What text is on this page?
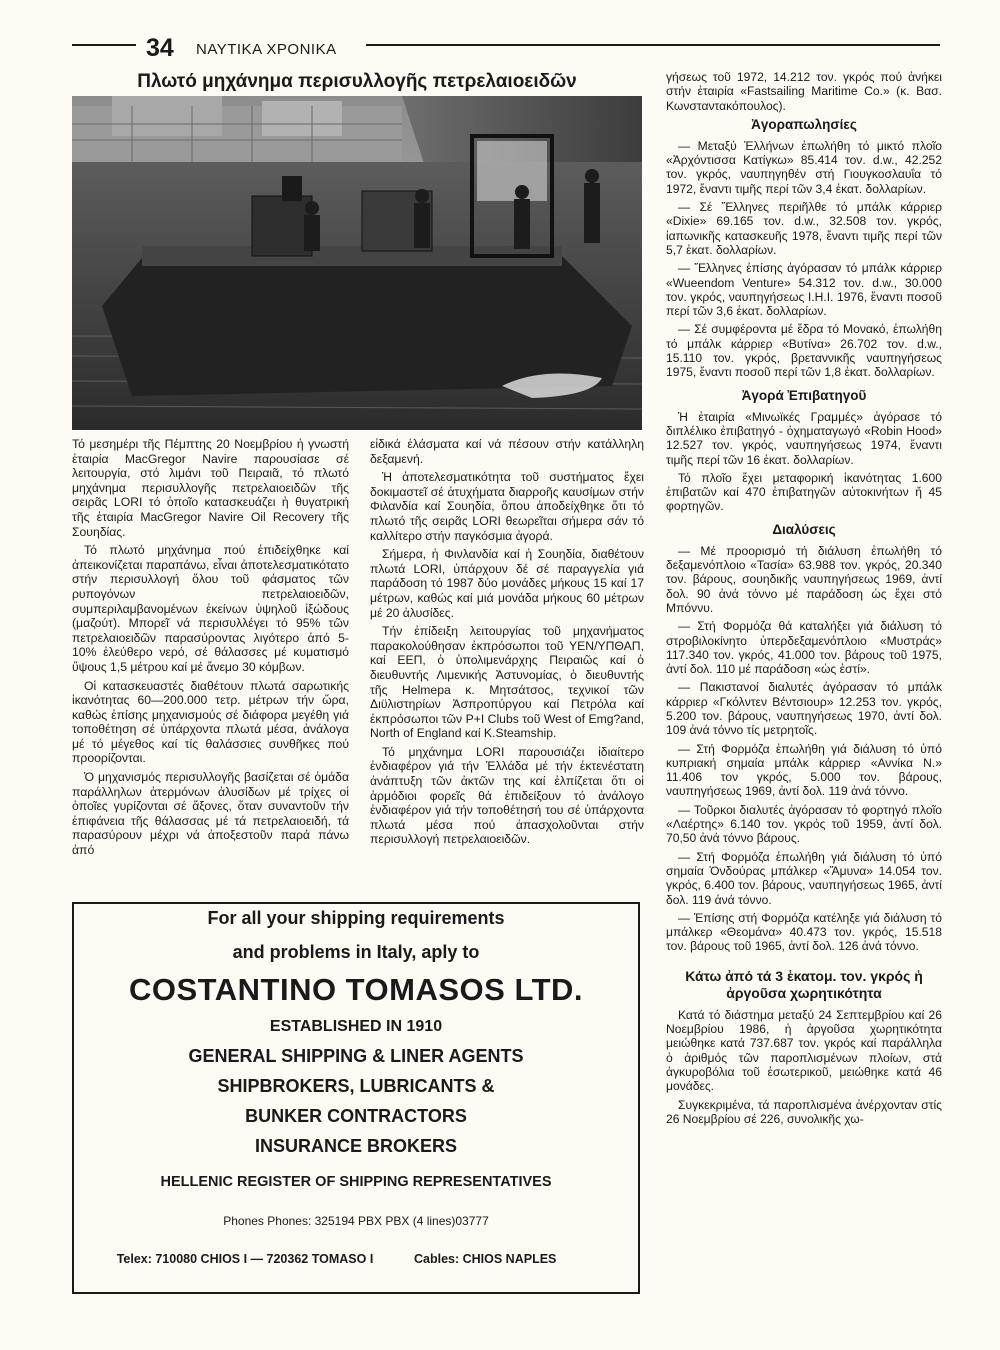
34 ΝΑΥΤΙΚΑ ΧΡΟΝΙΚΑ
Πλωτό μηχάνημα περισυλλογῆς πετρελαιοειδῶν

Τό μεσημέρι τῆς Πέμπτης 20 Νοεμβρίου ἡ γνωστή ἑταιρία MacGregor Navire παρουσίασε σέ λειτουργία, στό λιμάνι τοῦ Πειραιᾶ, τό πλωτό μηχάνημα περισυλλογῆς πετρελαιοειδῶν τῆς σειρᾶς LORI τό ὁποῖο κατασκευάζει ἡ θυγατρική τῆς ἑταιρία MacGregor Navire Oil Recovery τῆς Σουηδίας.

Τό πλωτό μηχάνημα πού ἐπιδείχθηκε καί ἀπεικονίζεται παραπάνω, εἶναι ἀποτελεσματικότατο στήν περισυλλογή ὅλου τοῦ φάσματος τῶν ρυπογόνων πετρελαιοειδῶν, συμπεριλαμβανομένων ἐκείνων ὑψηλοῦ ἰξώδους (μαζούτ). Μπορεῖ νά περισυλλέγει τό 95% τῶν πετρελαιοειδῶν παρασύροντας λιγότερο ἀπό 5-10% ἐλεύθερο νερό, σέ θάλασσες μέ κυματισμό ὕψους 1,5 μέτρου καί μέ ἄνεμο 30 κόμβων.

Οἱ κατασκευαστές διαθέτουν πλωτά σαρωτικής ἱκανότητας 60—200.000 τετρ. μέτρων τήν ὥρα, καθώς ἐπίσης μηχανισμούς σέ διάφορα μεγέθη γιά τοποθέτηση σέ ὑπάρχοντα πλωτά μέσα, ἀνάλογα μέ τό μέγεθος καί τίς θαλάσσιες συνθῆκες πού προορίζονται.

Ὁ μηχανισμός περισυλλογῆς βασίζεται σέ ὁμάδα παράλληλων ἀτερμόνων ἀλυσίδων μέ τρίχες οἱ ὁποῖες γυρίζονται σέ ἄξονες, ὅταν συναντοῦν τήν ἐπιφάνεια τῆς θάλασσας μέ τά πετρελαιοειδή, τά παρασύρουν μέχρι νά ἀποξεστοῦν παρά πάνω ἀπό

εἰδικά ἐλάσματα καί νά πέσουν στήν κατάλληλη δεξαμενή.

Ἡ ἀποτελεσματικότητα τοῦ συστήματος ἔχει δοκιμαστεῖ σέ ἀτυχήματα διαρροῆς καυσίμων στήν Φιλανδία καί Σουηδία, ὅπου ἀποδείχθηκε ὅτι τό πλωτό τῆς σειρᾶς LORI θεωρεῖται σήμερα σάν τό καλλίτερο στήν παγκόσμια ἀγορά.

Σήμερα, ἡ Φινλανδία καί ἡ Σουηδία, διαθέτουν πλωτά LORI, ὑπάρχουν δέ σέ παραγγελία γιά παράδοση τό 1987 δύο μονάδες μήκους 15 καί 17 μέτρων, καθώς καί μιά μονάδα μήκους 60 μέτρων μέ 20 ἀλυσίδες.

Τήν ἐπίδειξη λειτουργίας τοῦ μηχανήματος παρακολούθησαν ἐκπρόσωποι τοῦ ΥΕΝ/ΥΠΘΑΠ, καί ΕΕΠ, ὁ ὑπολιμενάρχης Πειραιῶς καί ὁ διευθυντής Λιμενικής Ἀστυνομίας, ὁ διευθυντής τῆς Helmepa κ. Μητσάτσος, τεχνικοί τῶν Διϋλιστηρίων Ἀσπροπύργου καί Πετρόλα καί ἐκπρόσωποι τῶν P+I Clubs τοῦ West of Emg?and, North of England καί K.Steamship.

Τό μηχάνημα LORI παρουσιάζει ἰδιαίτερο ἐνδιαφέρον γιά τήν Ἑλλάδα μέ τήν ἐκτενέστατη ἀνάπτυξη τῶν ἀκτῶν της καί ἐλπίζεται ὅτι οἱ ἁρμόδιοι φορεῖς θά ἐπιδείξουν τό ἀνάλογο ἐνδιαφέρον γιά τήν τοποθέτησή του σέ ὑπάρχοντα πλωτά μέσα πού ἀπασχολοῦνται στήν περισυλλογή πετρελαιοειδῶν.

γήσεως τοῦ 1972, 14.212 τον. γκρός πού ἀνήκει στήν ἑταιρία «Fastsailing Maritime Co.» (κ. Βασ. Κωνσταντακόπουλος).

Ἀγοραπωλησίες

— Μεταξύ Ἑλλήνων ἐπωλήθη τό μικτό πλοῖο «Ἀρχόντισσα Κατίγκω» 85.414 τον. d.w., 42.252 τον. γκρός, ναυπηγηθέν στή Γιουγκοσλαυΐα τό 1972, ἔναντι τιμῆς περί τῶν 3,4 ἑκατ. δολλαρίων.

— Σέ Ἕλληνες περιῆλθε τό μπάλκ κάρριερ «Dixie» 69.165 τον. d.w., 32.508 τον. γκρός, ἰαπωνικῆς κατασκευῆς 1978, ἔναντι τιμῆς περί τῶν 5,7 ἑκατ. δολλαρίων.

— Ἕλληνες ἐπίσης ἀγόρασαν τό μπάλκ κάρριερ «Wueendom Venture» 54.312 τον. d.w., 30.000 τον. γκρός, ναυπηγήσεως I.H.I. 1976, ἔναντι ποσοῦ περί τῶν 3,6 ἑκατ. δολλαρίων.

— Σέ συμφέροντα μέ ἕδρα τό Μονακό, ἐπωλήθη τό μπάλκ κάρριερ «Βυτίνα» 26.702 τον. d.w., 15.110 τον. γκρός, βρεταννικῆς ναυπηγήσεως 1975, ἔναντι ποσοῦ περί τῶν 1,8 ἑκατ. δολλαρίων.

Ἀγορά Ἐπιβατηγοῦ

Ἡ ἑταιρία «Μινωϊκές Γραμμές» ἀγόρασε τό διπλέλικο ἐπιβατηγό - ὀχηματαγωγό «Robin Hood» 12.527 τον. γκρός, ναυπηγήσεως 1974, ἔναντι τιμῆς περί τῶν 16 ἑκατ. δολλαρίων.

Τό πλοῖο ἔχει μεταφορική ἱκανότητας 1.600 ἐπιβατῶν καί 470 ἐπιβατηγῶν αὐτοκινήτων ἤ 45 φορτηγῶν.

Διαλύσεις

— Μέ προορισμό τή διάλυση ἐπωλήθη τό δεξαμενόπλοιο «Τασία» 63.988 τον. γκρός, 20.340 τον. βάρους, σουηδικῆς ναυπηγήσεως 1969, ἀντί δολ. 90 ἀνά τόννο μέ παράδοση ὡς ἔχει στό Μπόννυ.

— Στή Φορμόζα θά καταλήξει γιά διάλυση τό στροβιλοκίνητο ὑπερδεξαμενόπλοιο «Μυστράς» 117.340 τον. γκρός, 41.000 τον. βάρους τοῦ 1975, ἀντί δολ. 110 μέ παράδοση «ὡς ἐστί».

— Πακιστανοί διαλυτές ἀγόρασαν τό μπάλκ κάρριερ «Γκόλντεν Βέντσιουρ» 12.253 τον. γκρός, 5.200 τον. βάρους, ναυπηγήσεως 1970, ἀντί δολ. 109 ἀνά τόννο τίς μετρητοῖς.

— Στή Φορμόζα ἐπωλήθη γιά διάλυση τό ὑπό κυπριακή σημαία μπάλκ κάρριερ «Αννίκα Ν.» 11.406 τον γκρός, 5.000 τον. βάρους, ναυπηγήσεως 1969, ἀντί δολ. 119 ἀνά τόννο.

— Τοῦρκοι διαλυτές ἀγόρασαν τό φορτηγό πλοῖο «Λαέρτης» 6.140 τον. γκρός τοῦ 1959, ἀντί δολ. 70,50 ἀνά τόννο βάρους.

— Στή Φορμόζα ἐπωλήθη γιά διάλυση τό ὑπό σημαία Ὁνδούρας μπάλκερ «Ἄμυνα» 14.054 τον. γκρός, 6.400 τον. βάρους, ναυπηγήσεως 1965, ἀντί δολ. 119 ἀνά τόννο.

— Ἐπίσης στή Φορμόζα κατέληξε γιά διάλυση τό μπάλκερ «Θεομάνα» 40.473 τον. γκρός, 15.518 τον. βάρους τοῦ 1965, ἀντί δολ. 126 ἀνά τόννο.

Κάτω ἀπό τά 3 ἑκατομ. τον. γκρός ἡ ἀργοῦσα χωρητικότητα

Κατά τό διάστημα μεταξύ 24 Σεπτεμβρίου καί 26 Νοεμβρίου 1986, ἡ ἀργοῦσα χωρητικότητα μειώθηκε κατά 737.687 τον. γκρός καί παράλληλα ὁ ἀριθμός τῶν παροπλισμένων πλοίων, στά ἀγκυροβόλια τοῦ ἐσωτερικοῦ, μειώθηκε κατά 46 μονάδες.

Συγκεκριμένα, τά παροπλισμένα ἀνέρχονταν στίς 26 Νοεμβρίου σέ 226, συνολικῆς χω-

For all your shipping requirements
and problems in Italy, aply to
COSTANTINO TOMASOS LTD.
ESTABLISHED IN 1910
GENERAL SHIPPING & LINER AGENTS
SHIPBROKERS, LUBRICANTS &
BUNKER CONTRACTORS
INSURANCE BROKERS
HELLENIC REGISTER OF SHIPPING REPRESENTATIVES
Phones Phones: 325194 PBX PBX (4 lines)03777
Telex: 710080 CHIOS I — 720362 TOMASO I	Cables: CHIOS NAPLES
